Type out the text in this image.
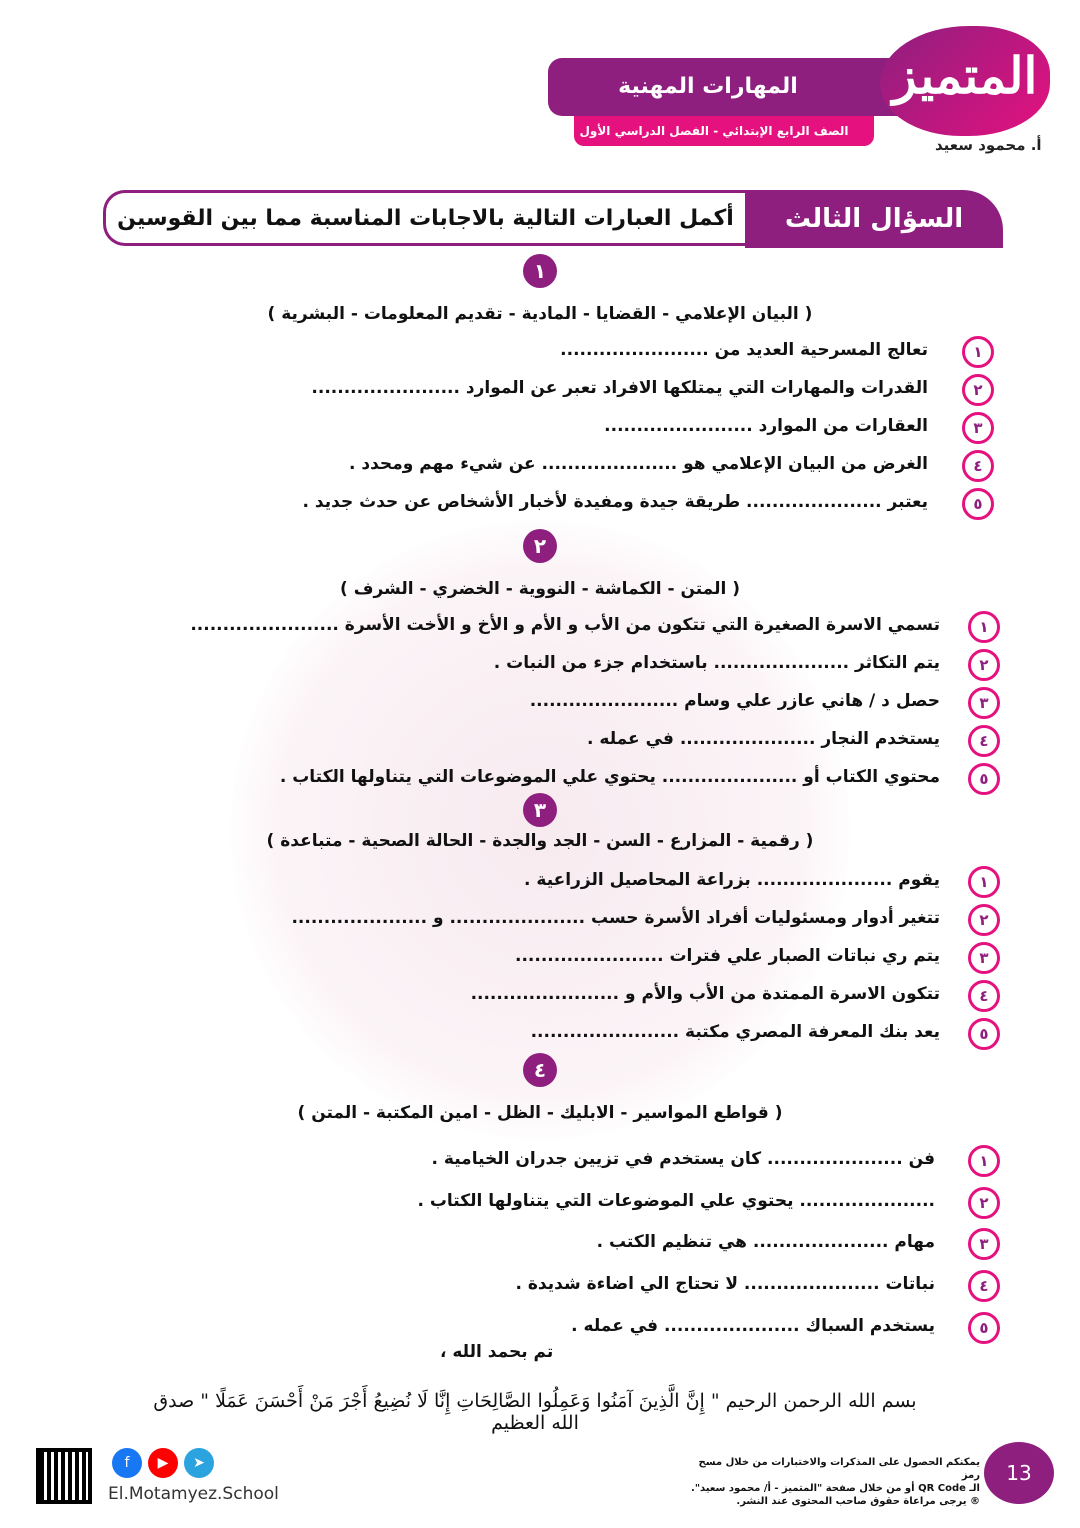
المهارات المهنية
الصف الرابع الإبتدائي - الفصل الدراسي الأول
المتميز
أ. محمود سعيد
السؤال الثالث
أكمل العبارات التالية بالاجابات المناسبة مما بين القوسين
١
( البيان الإعلامي - القضايا - المادية - تقديم المعلومات - البشرية )
١
تعالج المسرحية العديد من .......................
٢
القدرات والمهارات التي يمتلكها الافراد تعبر عن الموارد .......................
٣
العقارات من الموارد .......................
٤
الغرض من البيان الإعلامي هو ..................... عن شيء مهم ومحدد .
٥
يعتبر ..................... طريقة جيدة ومفيدة لأخبار الأشخاص عن حدث جديد .
٢
( المتن - الكماشة - النووية - الخضري - الشرف )
١
تسمي الاسرة الصغيرة التي تتكون من الأب و الأم و الأخ و الأخت الأسرة .......................
٢
يتم التكاثر ..................... باستخدام جزء من النبات .
٣
حصل د / هاني عازر علي وسام .......................
٤
يستخدم النجار ..................... في عمله .
٥
محتوي الكتاب أو ..................... يحتوي علي الموضوعات التي يتناولها الكتاب .
٣
( رقمية - المزارع - السن - الجد والجدة - الحالة الصحية - متباعدة )
١
يقوم ..................... بزراعة المحاصيل الزراعية .
٢
تتغير أدوار ومسئوليات أفراد الأسرة حسب ..................... و .....................
٣
يتم ري نباتات الصبار علي فترات .......................
٤
تتكون الاسرة الممتدة من الأب والأم و .......................
٥
يعد بنك المعرفة المصري مكتبة .......................
٤
( قواطع المواسير - الابليك - الظل - امين المكتبة - المتن )
١
فن ..................... كان يستخدم في تزيين جدران الخيامية .
٢
..................... يحتوي علي الموضوعات التي يتناولها الكتاب .
٣
مهام ..................... هي تنظيم الكتب .
٤
نباتات ..................... لا تحتاج الي اضاءة شديدة .
٥
يستخدم السباك ..................... في عمله .
تم بحمد الله ،
بسم الله الرحمن الرحيم " إِنَّ الَّذِينَ آمَنُوا وَعَمِلُوا الصَّالِحَاتِ إِنَّا لَا نُضِيعُ أَجْرَ مَنْ أَحْسَنَ عَمَلًا " صدق الله العظيم
13
يمكنكم الحصول على المذكرات والاختبارات من خلال مسح رمز
الـ QR Code أو من خلال صفحة "المتميز - أ/ محمود سعيد".
® يرجى مراعاة حقوق صاحب المحتوى عند النشر.
f	▶	➤
El.Motamyez.School
